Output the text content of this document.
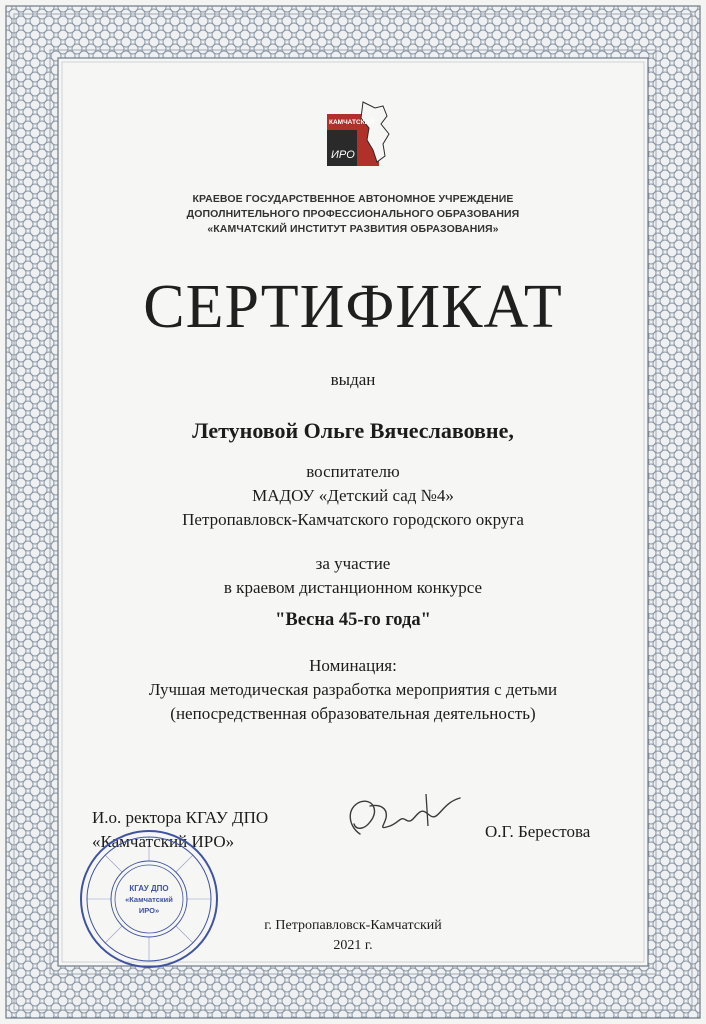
КАМЧАТСКИЙ
ИРО
КРАЕВОЕ ГОСУДАРСТВЕННОЕ АВТОНОМНОЕ УЧРЕЖДЕНИЕ
ДОПОЛНИТЕЛЬНОГО ПРОФЕССИОНАЛЬНОГО ОБРАЗОВАНИЯ
«КАМЧАТСКИЙ ИНСТИТУТ РАЗВИТИЯ ОБРАЗОВАНИЯ»
СЕРТИФИКАТ
выдан
Летуновой Ольге Вячеславовне,
воспитателю
МАДОУ «Детский сад №4»
Петропавловск-Камчатского городского округа
за участие
в краевом дистанционном конкурсе
"Весна 45-го года"
Номинация:
Лучшая методическая разработка мероприятия с детьми
(непосредственная образовательная деятельность)
И.о. ректора КГАУ ДПО
«Камчатский ИРО»
О.Г. Берестова
КГАУ ДПО
«Камчатский
ИРО»
г. Петропавловск-Камчатский
2021 г.
